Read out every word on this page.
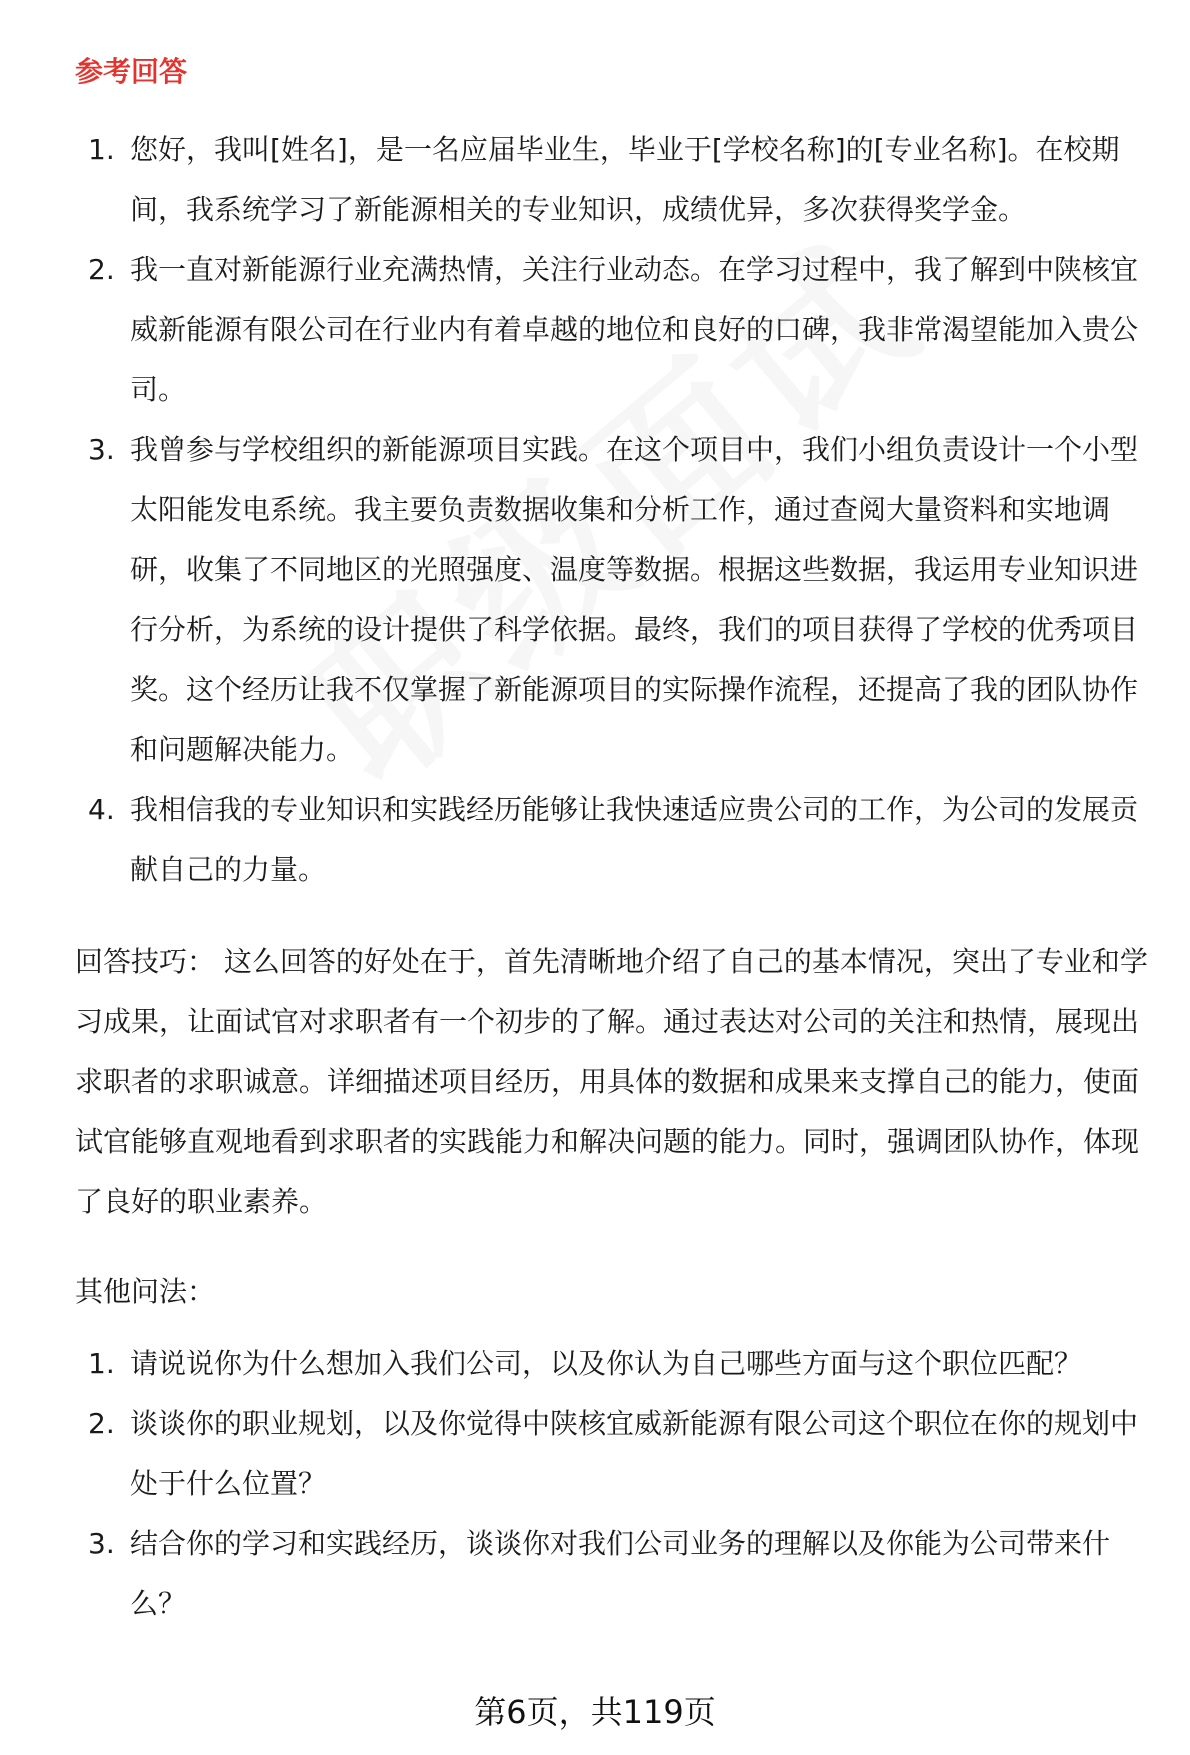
参考回答
1. 您好，我叫[姓名]，是一名应届毕业生，毕业于[学校名称]的[专业名称]。在校期间，我系统学习了新能源相关的专业知识，成绩优异，多次获得奖学金。
2. 我一直对新能源行业充满热情，关注行业动态。在学习过程中，我了解到中陕核宜威新能源有限公司在行业内有着卓越的地位和良好的口碑，我非常渴望能加入贵公司。
3. 我曾参与学校组织的新能源项目实践。在这个项目中，我们小组负责设计一个小型太阳能发电系统。我主要负责数据收集和分析工作，通过查阅大量资料和实地调研，收集了不同地区的光照强度、温度等数据。根据这些数据，我运用专业知识进行分析，为系统的设计提供了科学依据。最终，我们的项目获得了学校的优秀项目奖。这个经历让我不仅掌握了新能源项目的实际操作流程，还提高了我的团队协作和问题解决能力。
4. 我相信我的专业知识和实践经历能够让我快速适应贵公司的工作，为公司的发展贡献自己的力量。

回答技巧： 这么回答的好处在于，首先清晰地介绍了自己的基本情况，突出了专业和学习成果，让面试官对求职者有一个初步的了解。通过表达对公司的关注和热情，展现出求职者的求职诚意。详细描述项目经历，用具体的数据和成果来支撑自己的能力，使面试官能够直观地看到求职者的实践能力和解决问题的能力。同时，强调团队协作，体现了良好的职业素养。

其他问法：

1. 请说说你为什么想加入我们公司，以及你认为自己哪些方面与这个职位匹配？
2. 谈谈你的职业规划，以及你觉得中陕核宜威新能源有限公司这个职位在你的规划中处于什么位置？
3. 结合你的学习和实践经历，谈谈你对我们公司业务的理解以及你能为公司带来什么？
第6页，共119页
